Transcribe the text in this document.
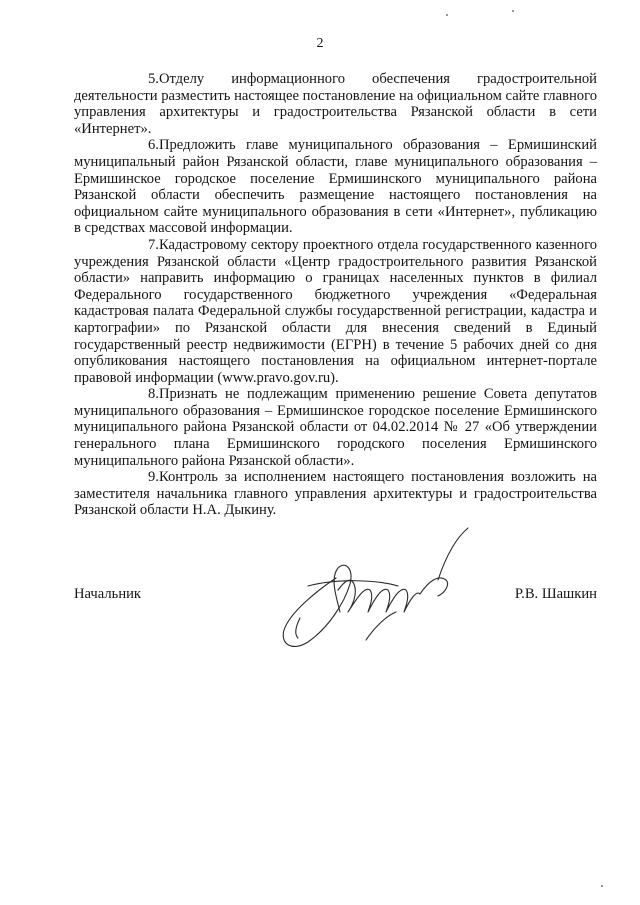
2

5.Отделу информационного обеспечения градостроительной деятельности разместить настоящее постановление на официальном сайте главного управления архитектуры и градостроительства Рязанской области в сети «Интернет».

6.Предложить главе муниципального образования – Ермишинский муниципальный район Рязанской области, главе муниципального образования – Ермишинское городское поселение Ермишинского муниципального района Рязанской области обеспечить размещение настоящего постановления на официальном сайте муниципального образования в сети «Интернет», публикацию в средствах массовой информации.

7.Кадастровому сектору проектного отдела государственного казенного учреждения Рязанской области «Центр градостроительного развития Рязанской области» направить информацию о границах населенных пунктов в филиал Федерального государственного бюджетного учреждения «Федеральная кадастровая палата Федеральной службы государственной регистрации, кадастра и картографии» по Рязанской области для внесения сведений в Единый государственный реестр недвижимости (ЕГРН) в течение 5 рабочих дней со дня опубликования настоящего постановления на официальном интернет-портале правовой информации (www.pravo.gov.ru).

8.Признать не подлежащим применению решение Совета депутатов муниципального образования – Ермишинское городское поселение Ермишинского муниципального района Рязанской области от 04.02.2014 № 27 «Об утверждении генерального плана Ермишинского городского поселения Ермишинского муниципального района Рязанской области».

9.Контроль за исполнением настоящего постановления возложить на заместителя начальника главного управления архитектуры и градостроительства Рязанской области Н.А. Дыкину.

Начальник	Р.В. Шашкин
